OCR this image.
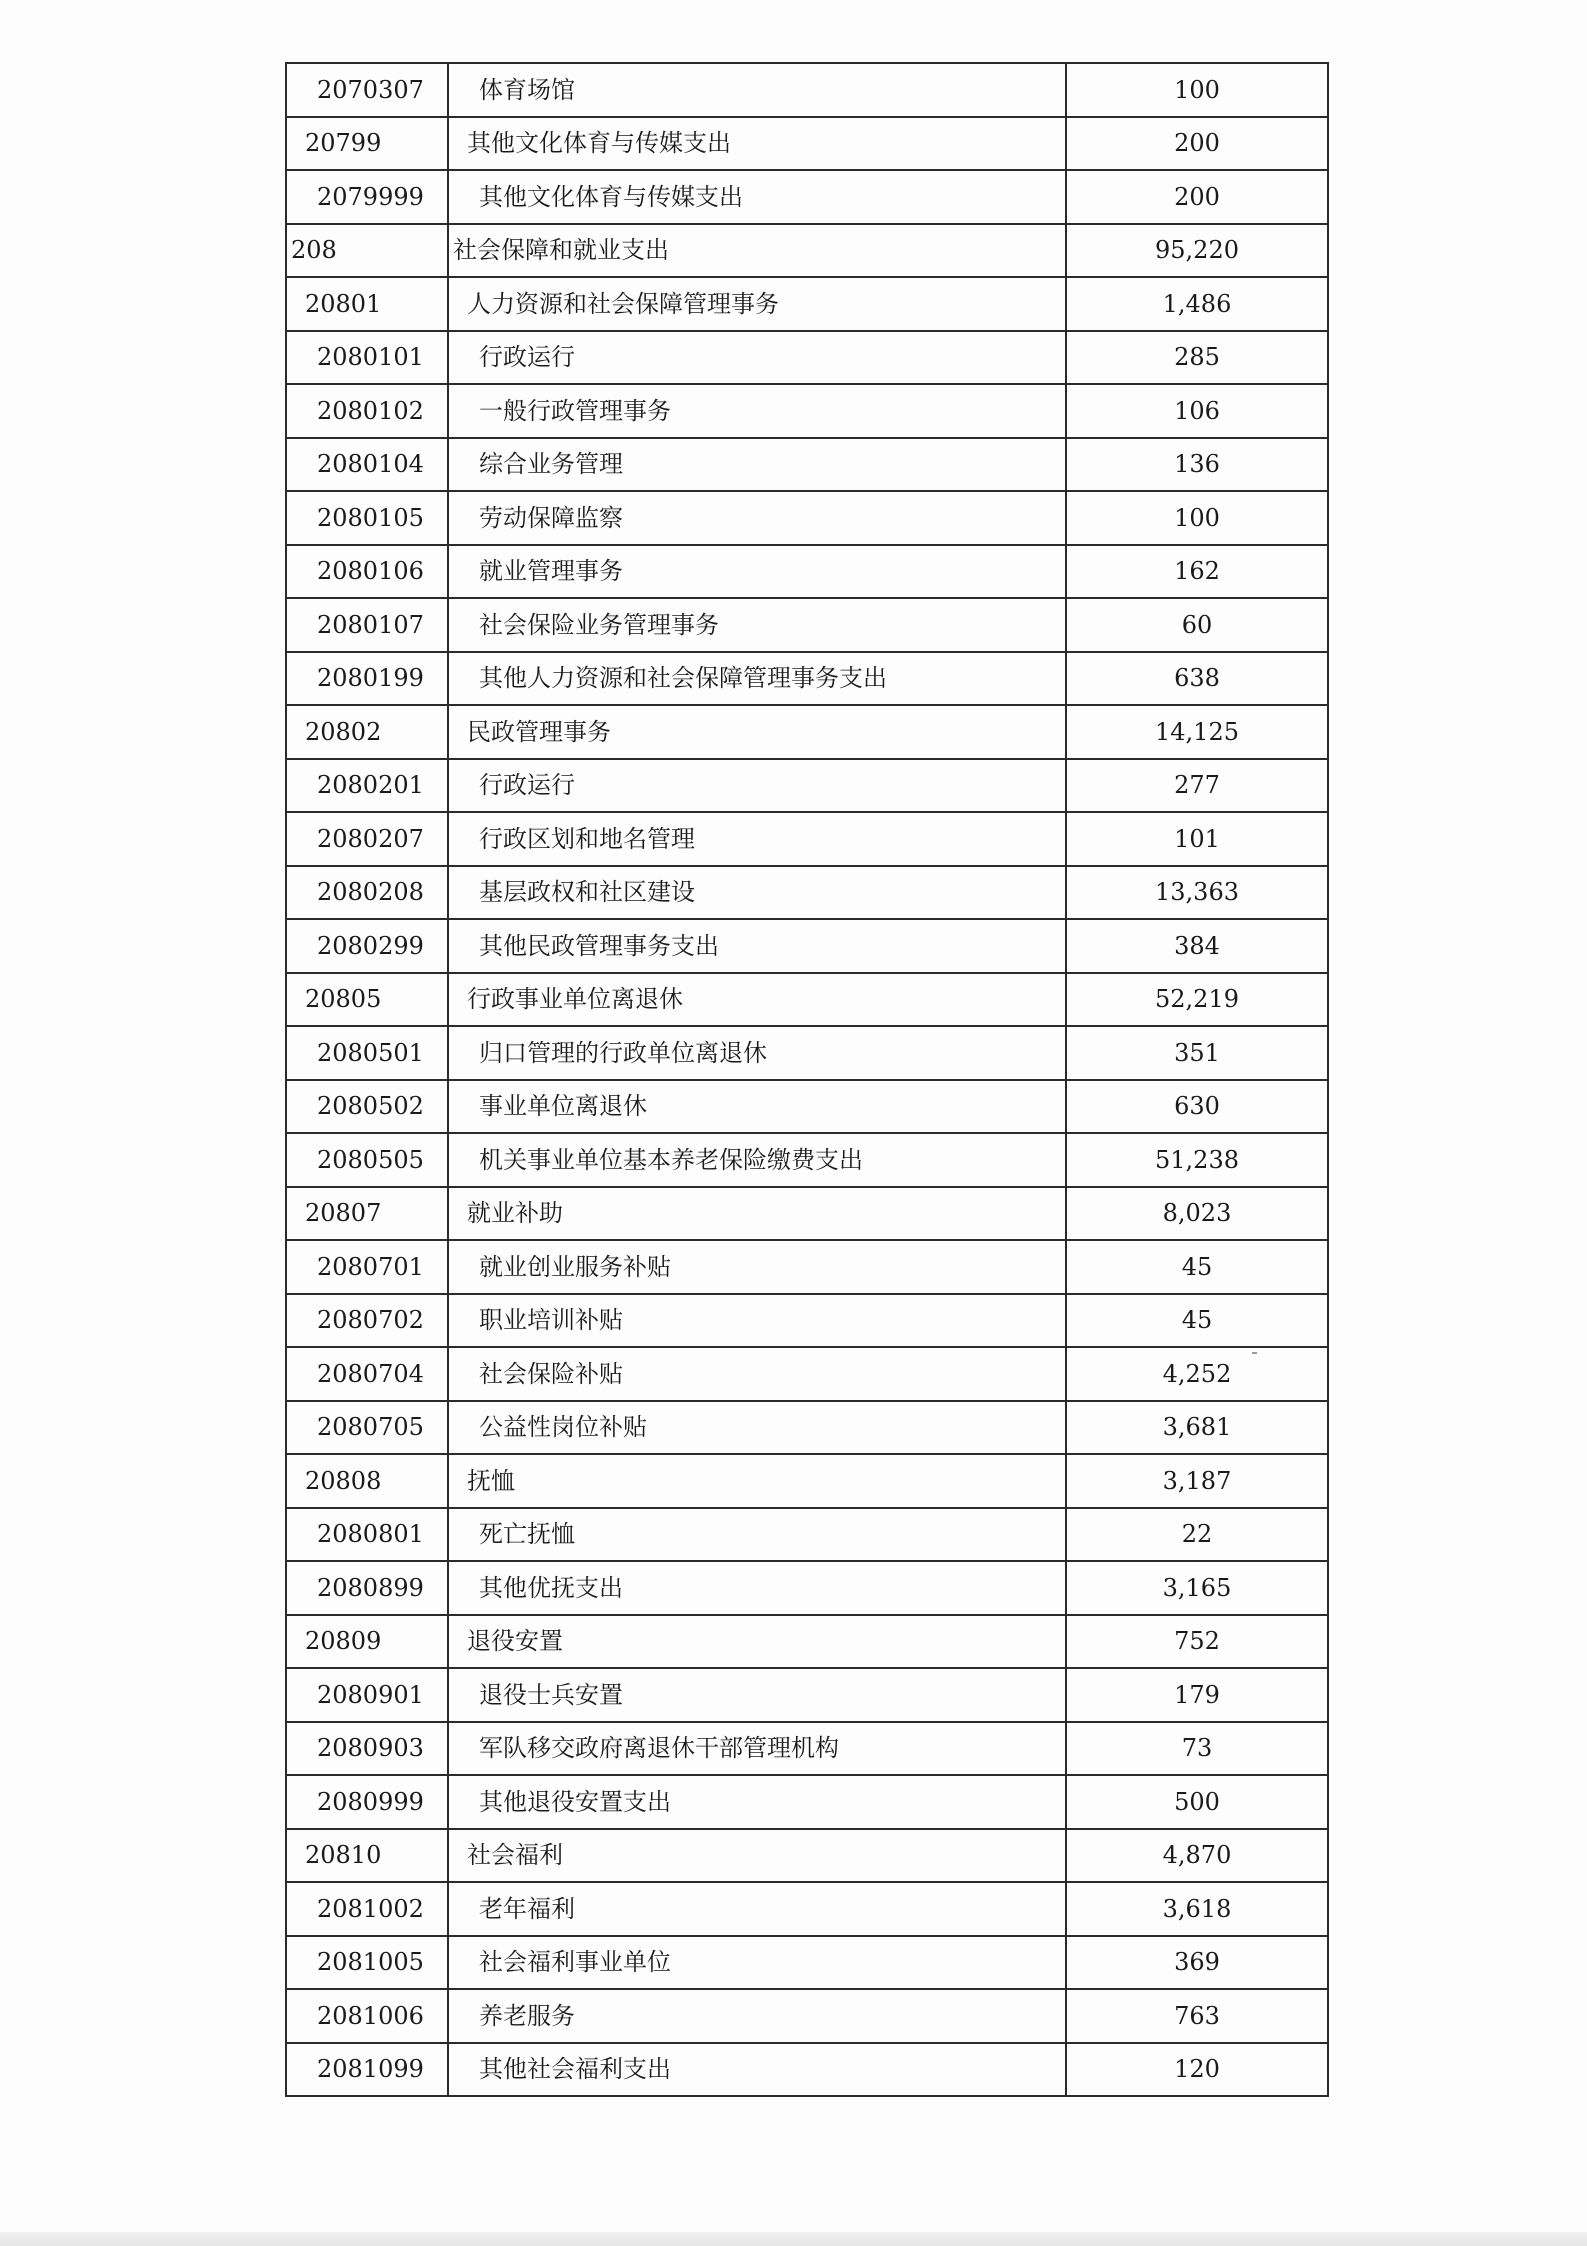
2070307	体育场馆	100
20799	其他文化体育与传媒支出	200
2079999	其他文化体育与传媒支出	200
208	社会保障和就业支出	95,220
20801	人力资源和社会保障管理事务	1,486
2080101	行政运行	285
2080102	一般行政管理事务	106
2080104	综合业务管理	136
2080105	劳动保障监察	100
2080106	就业管理事务	162
2080107	社会保险业务管理事务	60
2080199	其他人力资源和社会保障管理事务支出	638
20802	民政管理事务	14,125
2080201	行政运行	277
2080207	行政区划和地名管理	101
2080208	基层政权和社区建设	13,363
2080299	其他民政管理事务支出	384
20805	行政事业单位离退休	52,219
2080501	归口管理的行政单位离退休	351
2080502	事业单位离退休	630
2080505	机关事业单位基本养老保险缴费支出	51,238
20807	就业补助	8,023
2080701	就业创业服务补贴	45
2080702	职业培训补贴	45
2080704	社会保险补贴	4,252
2080705	公益性岗位补贴	3,681
20808	抚恤	3,187
2080801	死亡抚恤	22
2080899	其他优抚支出	3,165
20809	退役安置	752
2080901	退役士兵安置	179
2080903	军队移交政府离退休干部管理机构	73
2080999	其他退役安置支出	500
20810	社会福利	4,870
2081002	老年福利	3,618
2081005	社会福利事业单位	369
2081006	养老服务	763
2081099	其他社会福利支出	120
